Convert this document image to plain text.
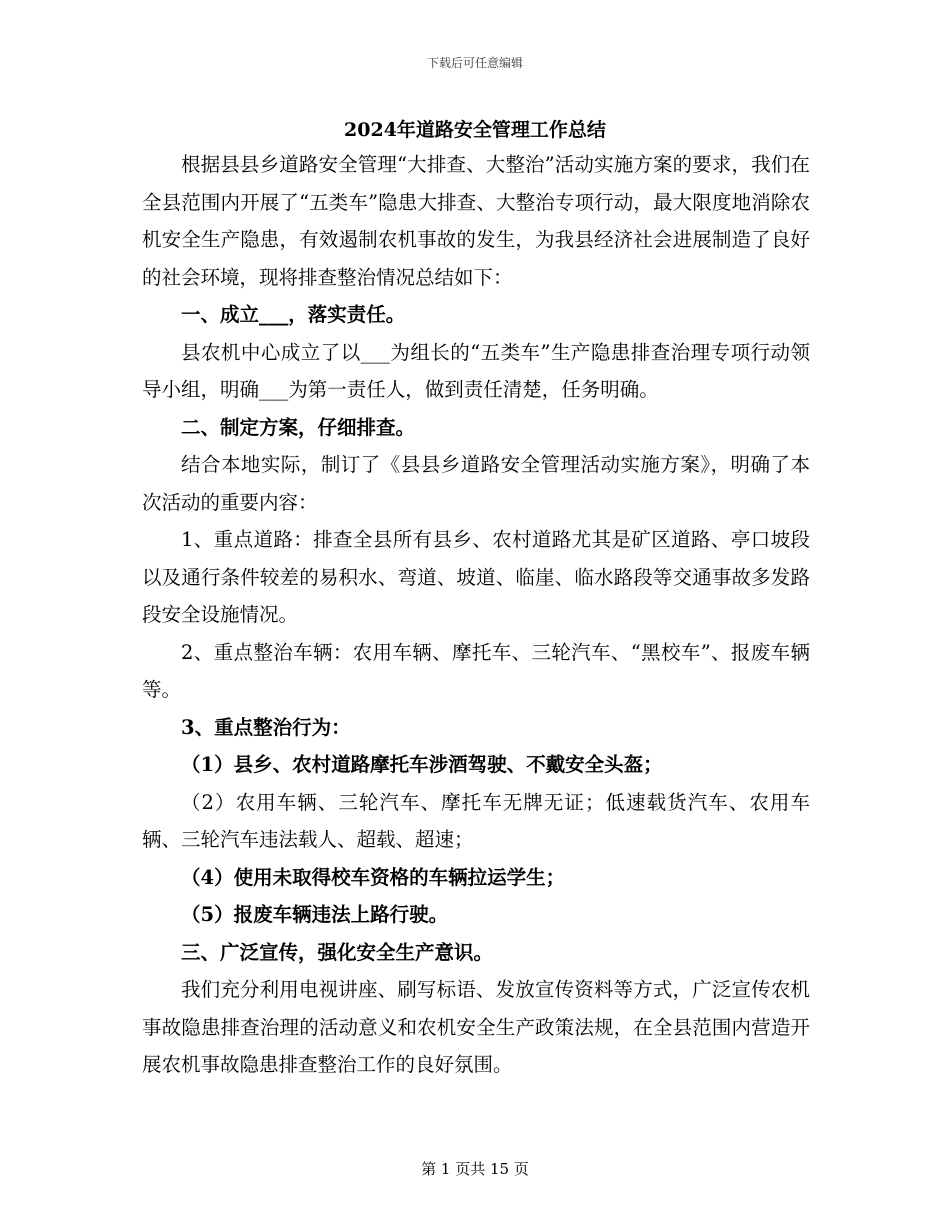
下载后可任意编辑
2024年道路安全管理工作总结

根据县县乡道路安全管理“大排查、大整治”活动实施方案的要求，我们在全县范围内开展了“五类车”隐患大排查、大整治专项行动，最大限度地消除农机安全生产隐患，有效遏制农机事故的发生，为我县经济社会进展制造了良好的社会环境，现将排查整治情况总结如下：

一、成立___，落实责任。

县农机中心成立了以___为组长的“五类车”生产隐患排查治理专项行动领导小组，明确___为第一责任人，做到责任清楚，任务明确。

二、制定方案，仔细排查。

结合本地实际，制订了《县县乡道路安全管理活动实施方案》，明确了本次活动的重要内容：

1、重点道路：排查全县所有县乡、农村道路尤其是矿区道路、亭口坡段以及通行条件较差的易积水、弯道、坡道、临崖、临水路段等交通事故多发路段安全设施情况。

2、重点整治车辆：农用车辆、摩托车、三轮汽车、“黑校车”、报废车辆等。

3、重点整治行为：

（1）县乡、农村道路摩托车涉酒驾驶、不戴安全头盔；

（2）农用车辆、三轮汽车、摩托车无牌无证；低速载货汽车、农用车辆、三轮汽车违法载人、超载、超速；

（4）使用未取得校车资格的车辆拉运学生；

（5）报废车辆违法上路行驶。

三、广泛宣传，强化安全生产意识。

我们充分利用电视讲座、刷写标语、发放宣传资料等方式，广泛宣传农机事故隐患排查治理的活动意义和农机安全生产政策法规，在全县范围内营造开展农机事故隐患排查整治工作的良好氛围。

第 1 页共 15 页
